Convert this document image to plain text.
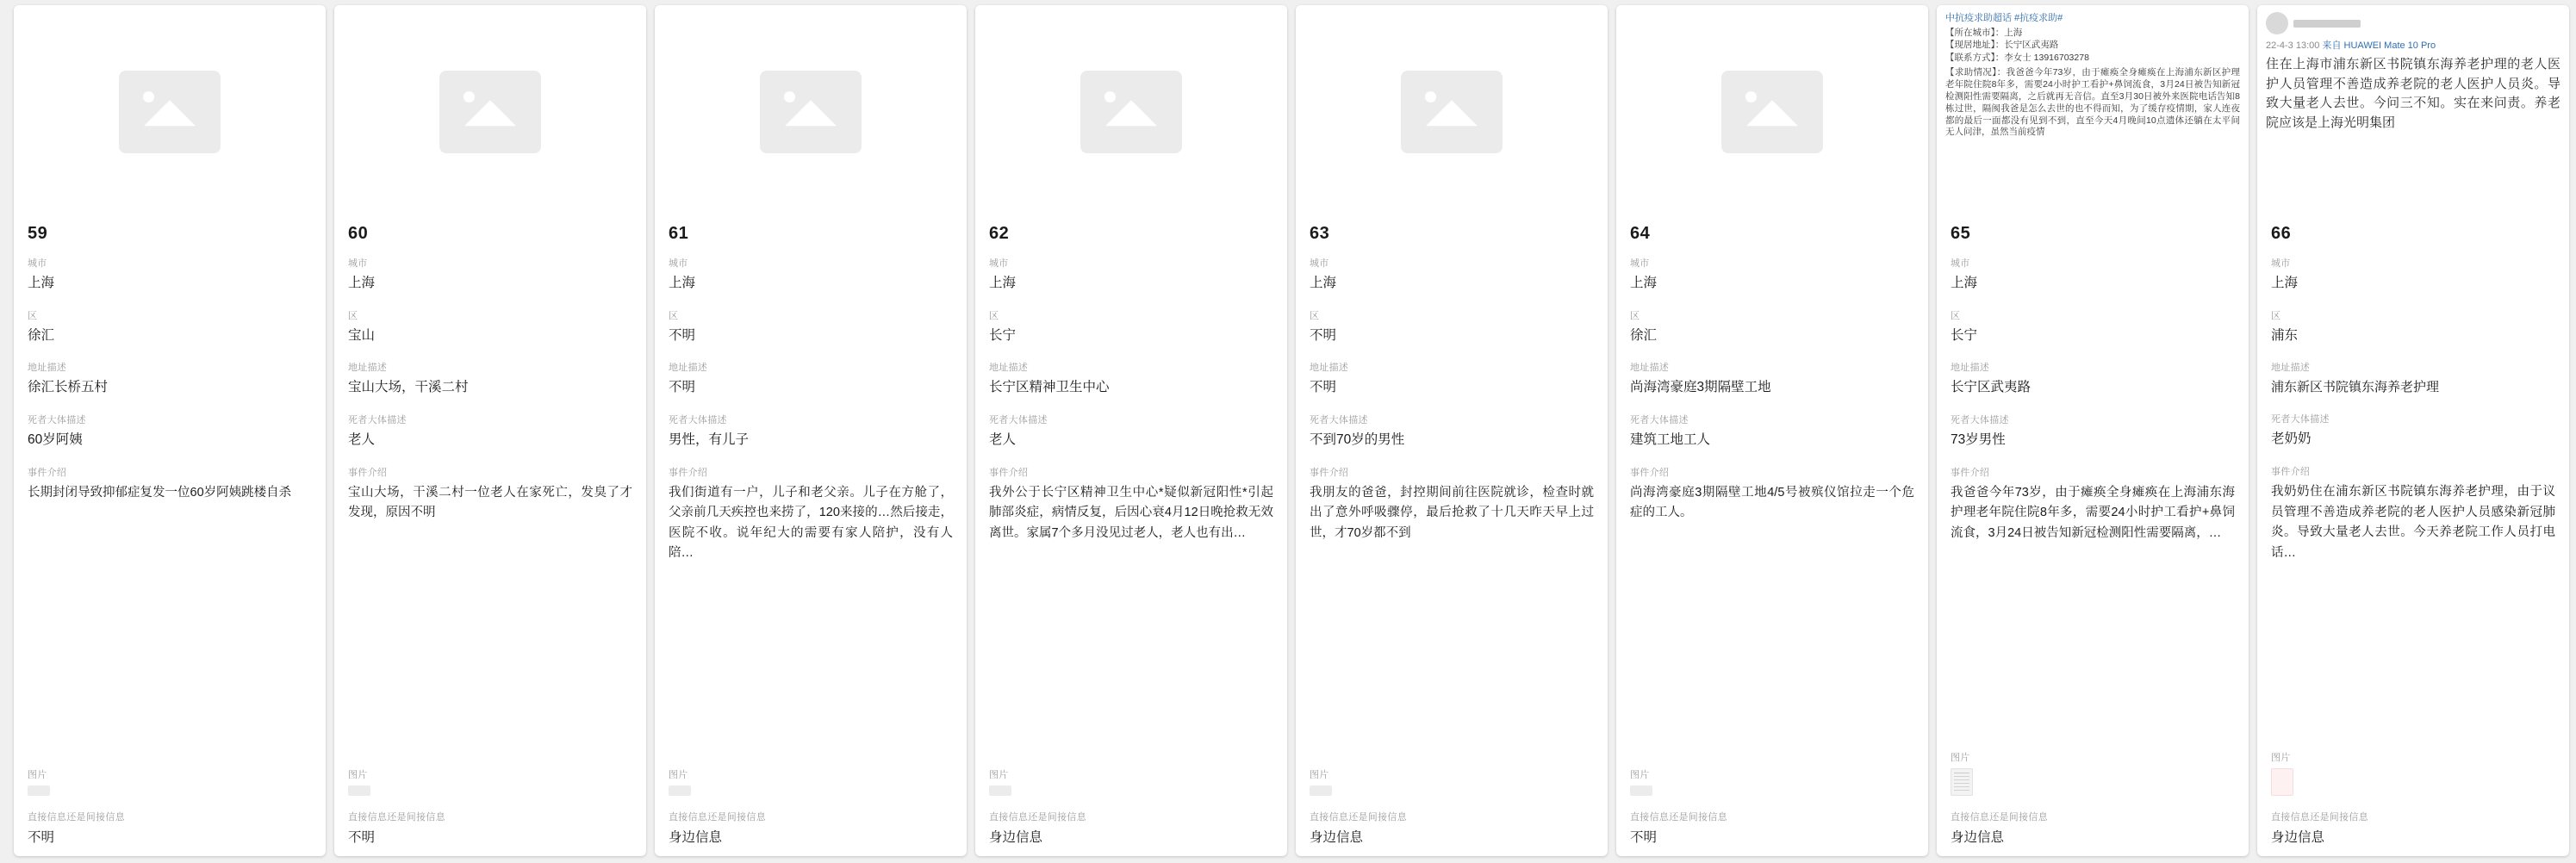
59
城市
上海
区
徐汇
地址描述
徐汇长桥五村
死者大体描述
60岁阿姨
事件介绍
长期封闭导致抑郁症复发一位60岁阿姨跳楼自杀
图片
直接信息还是间接信息
不明
60
城市
上海
区
宝山
地址描述
宝山大场，干溪二村
死者大体描述
老人
事件介绍
宝山大场，干溪二村一位老人在家死亡，发臭了才发现，原因不明
图片
直接信息还是间接信息
不明
61
城市
上海
区
不明
地址描述
不明
死者大体描述
男性，有儿子
事件介绍
我们街道有一户，儿子和老父亲。儿子在方舱了，父亲前几天疾控也来捞了，120来接的…然后接走，医院不收。说年纪大的需要有家人陪护，没有人陪…
图片
直接信息还是间接信息
身边信息
62
城市
上海
区
长宁
地址描述
长宁区精神卫生中心
死者大体描述
老人
事件介绍
我外公于长宁区精神卫生中心*疑似新冠阳性*引起肺部炎症，病情反复，后因心衰4月12日晚抢救无效离世。家属7个多月没见过老人，老人也有出…
图片
直接信息还是间接信息
身边信息
63
城市
上海
区
不明
地址描述
不明
死者大体描述
不到70岁的男性
事件介绍
我朋友的爸爸，封控期间前往医院就诊，检查时就出了意外呼吸骤停，最后抢救了十几天昨天早上过世，才70岁都不到
图片
直接信息还是间接信息
身边信息
64
城市
上海
区
徐汇
地址描述
尚海湾豪庭3期隔壁工地
死者大体描述
建筑工地工人
事件介绍
尚海湾豪庭3期隔壁工地4/5号被殡仪馆拉走一个危症的工人。
图片
直接信息还是间接信息
不明
中抗疫求助超话 #抗疫求助#
【所在城市】：上海
【现居地址】：长宁区武夷路
【联系方式】：李女士 13916703278
【求助情况】：我爸爸今年73岁，由于瘫痪全身瘫痪在上海浦东新区护理老年院住院8年多，需要24小时护工看护+鼻饲流食，3月24日被告知新冠检测阳性需要隔离，之后就再无音信。直至3月30日被外来医院电话告知8栋过世，隔阂我爸是怎么去世的也不得而知，为了缓存疫情期，家人连夜都的最后一面都没有见到不到，直至今天4月晚间10点遗体还躺在太平间无人问津，虽然当前疫情
65
城市
上海
区
长宁
地址描述
长宁区武夷路
死者大体描述
73岁男性
事件介绍
我爸爸今年73岁，由于瘫痪全身瘫痪在上海浦东海护理老年院住院8年多，需要24小时护工看护+鼻饲流食，3月24日被告知新冠检测阳性需要隔离，…
图片
直接信息还是间接信息
身边信息
22-4-3 13:00 来自 HUAWEI Mate 10 Pro
住在上海市浦东新区书院镇东海养老护理的老人医护人员管理不善造成养老院的老人医护人员炎。导致大量老人去世。今问三不知。实在来问责。养老院应该是上海光明集团
66
城市
上海
区
浦东
地址描述
浦东新区书院镇东海养老护理
死者大体描述
老奶奶
事件介绍
我奶奶住在浦东新区书院镇东海养老护理，由于议员管理不善造成养老院的老人医护人员感染新冠肺炎。导致大量老人去世。今天养老院工作人员打电话…
图片
直接信息还是间接信息
身边信息
